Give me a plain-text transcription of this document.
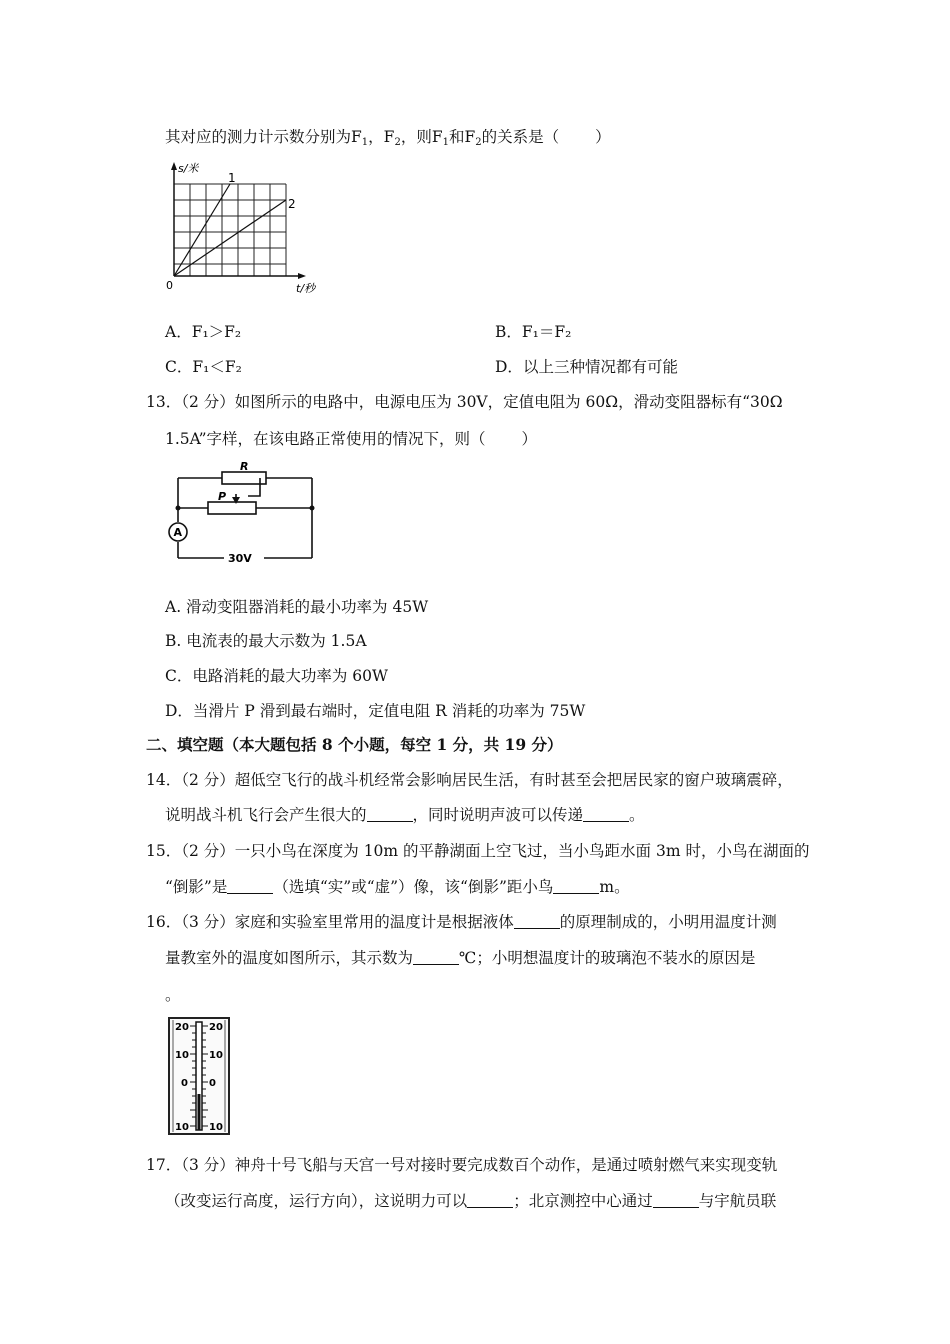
其对应的测力计示数分别为$F_1$，$F_2$，则$F_1$和$F_2$的关系是（ ）
s/米
1
2
0	t/秒
A．F₁＞F₂	B．F₁＝F₂
C．F₁＜F₂	D．以上三种情况都有可能
13．（2 分）如图所示的电路中，电源电压为 30V，定值电阻为 60Ω，滑动变阻器标有“30Ω
1.5A”字样，在该电路正常使用的情况下，则（ ）
R
P
A
30V
A. 滑动变阻器消耗的最小功率为 45W
B. 电流表的最大示数为 1.5A
C．电路消耗的最大功率为 60W
D．当滑片 P 滑到最右端时，定值电阻 R 消耗的功率为 75W
二、填空题（本大题包括 8 个小题，每空 1 分，共 19 分）
14．（2 分）超低空飞行的战斗机经常会影响居民生活，有时甚至会把居民家的窗户玻璃震碎，
说明战斗机飞行会产生很大的	，同时说明声波可以传递	。
15．（2 分）一只小鸟在深度为 10m 的平静湖面上空飞过，当小鸟距水面 3m 时，小鸟在湖面的
“倒影”是	（选填“实”或“虚”）像，该“倒影”距小鸟	m。
16．（3 分）家庭和实验室里常用的温度计是根据液体	的原理制成的，小明用温度计测
量教室外的温度如图所示，其示数为	℃；小明想温度计的玻璃泡不装水的原因是
。
20 20
10 10
0 0
10 10
17．（3 分）神舟十号飞船与天宫一号对接时要完成数百个动作，是通过喷射燃气来实现变轨
（改变运行高度，运行方向），这说明力可以	；北京测控中心通过	与宇航员联
